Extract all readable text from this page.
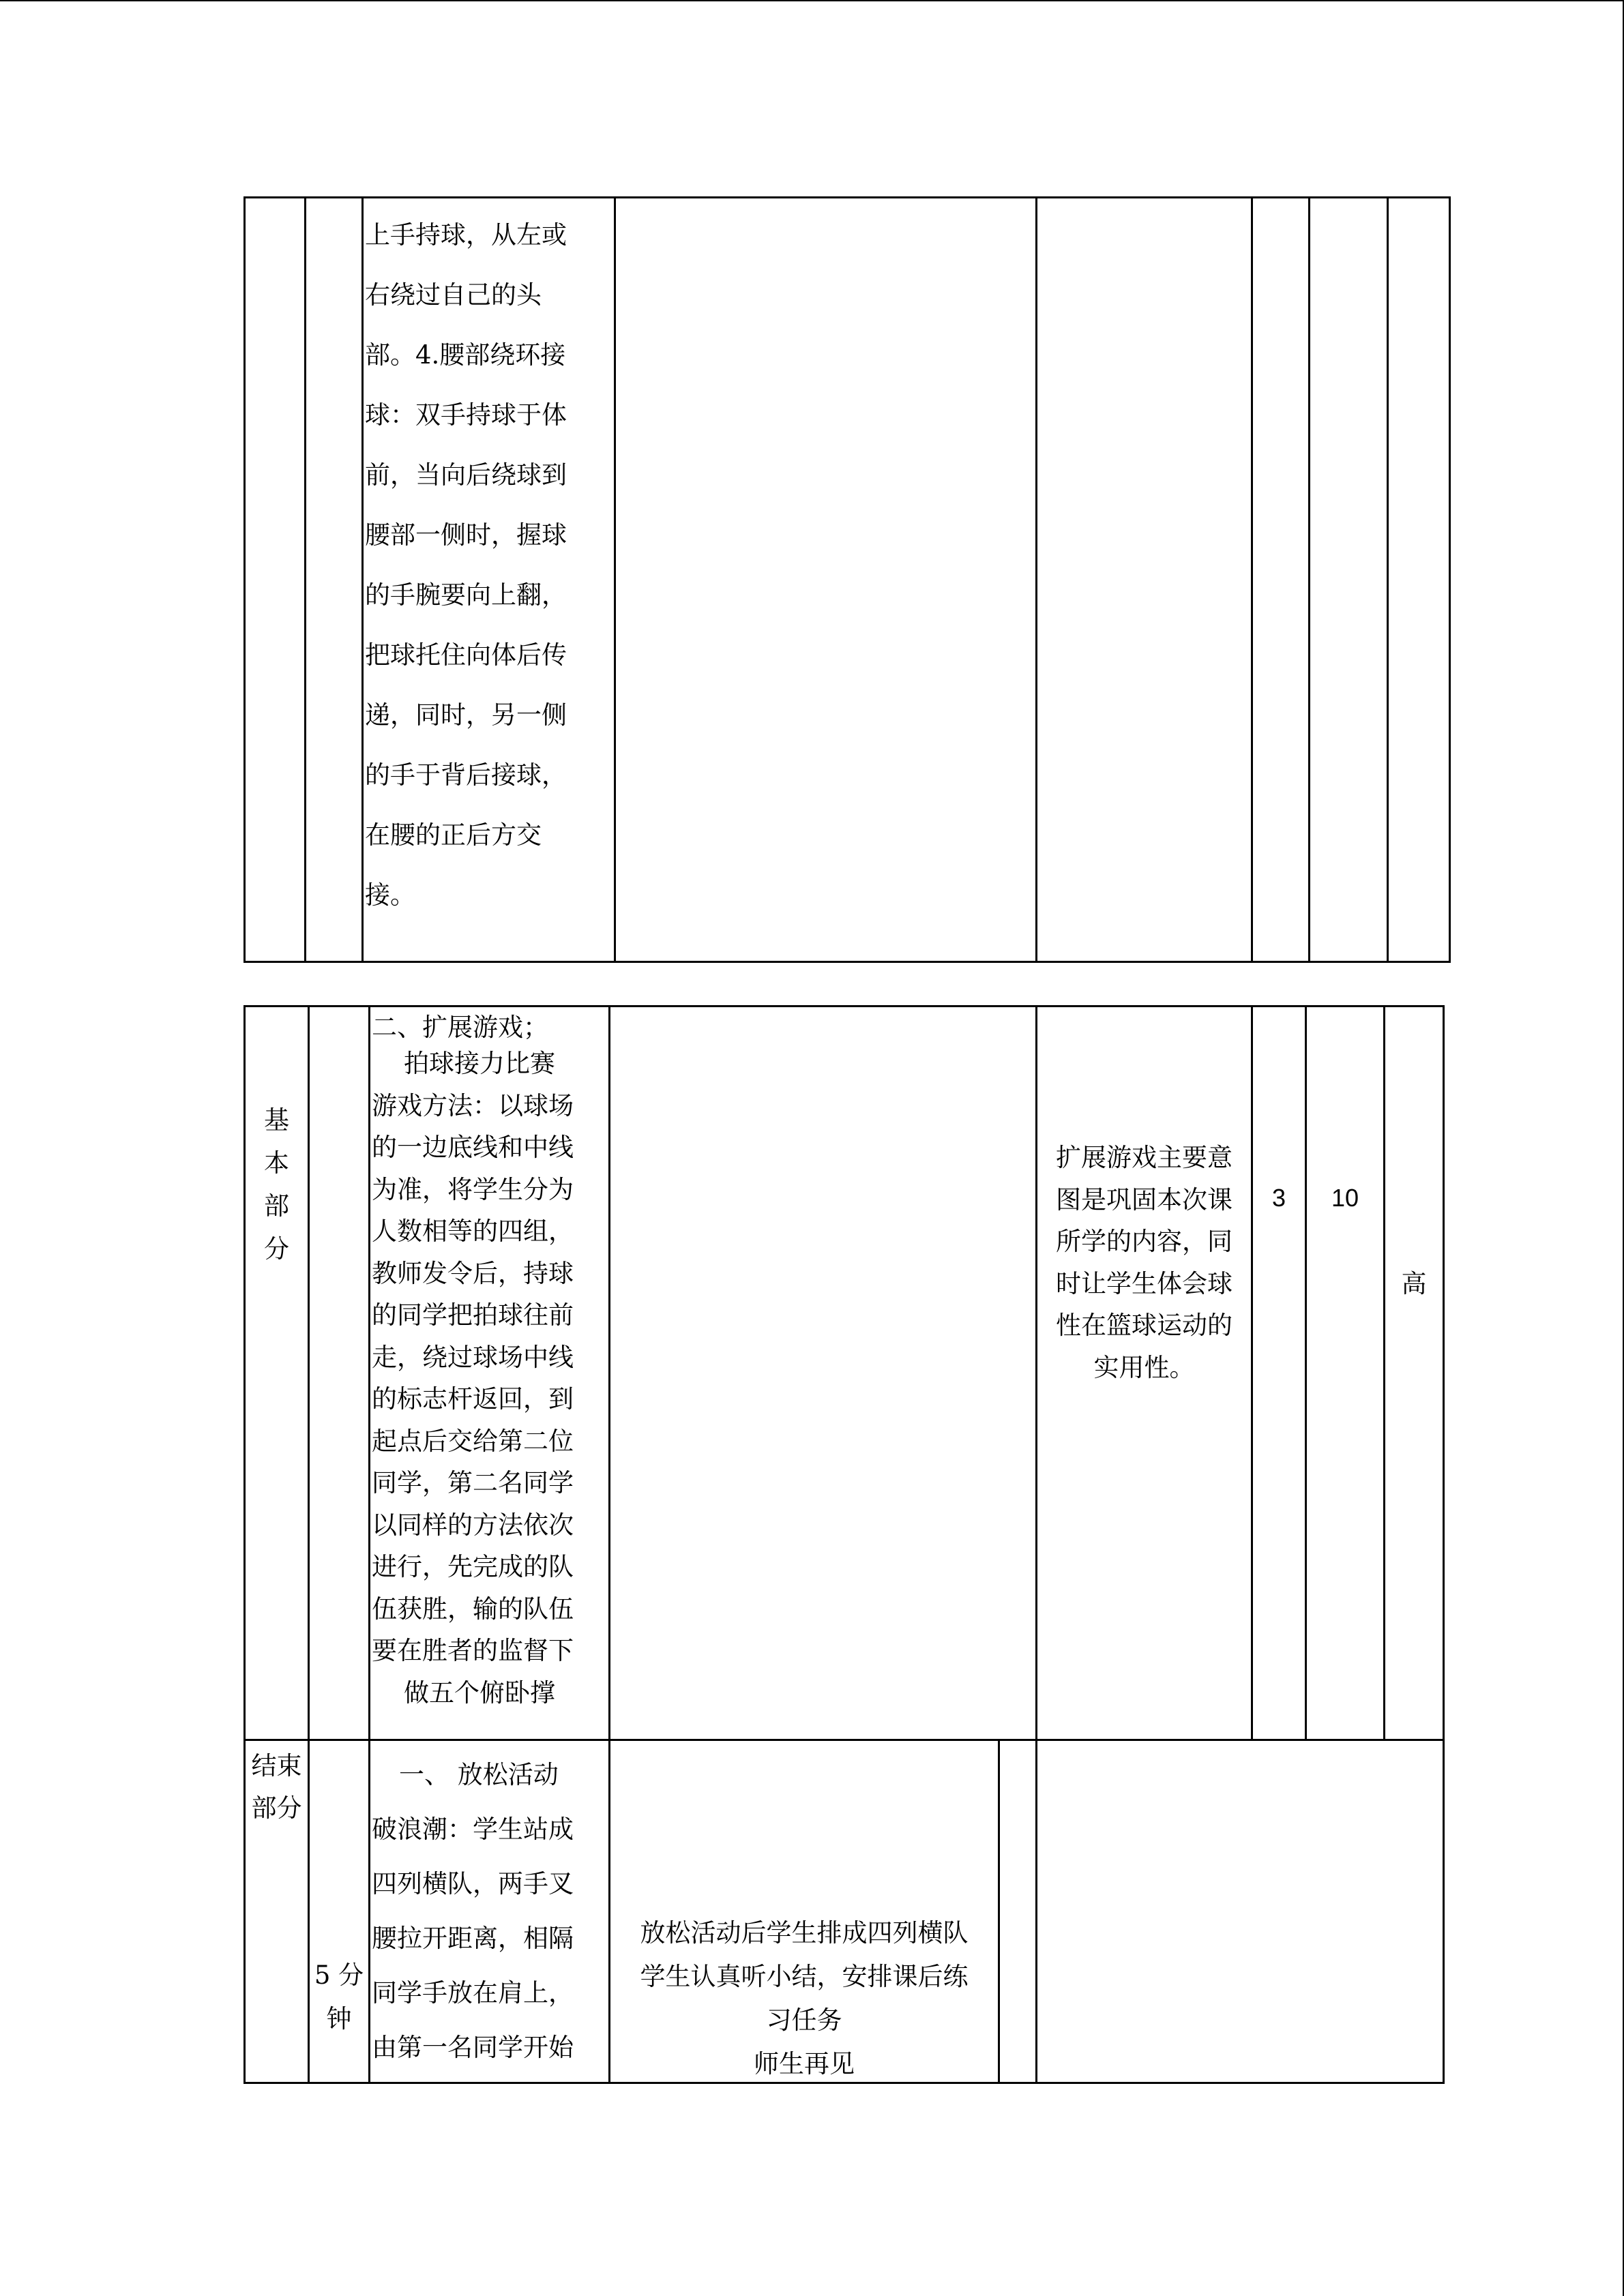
上手持球，从左或
右绕过自己的头
部。4.腰部绕环接
球：双手持球于体
前，当向后绕球到
腰部一侧时，握球
的手腕要向上翻，
把球托住向体后传
递，同时，另一侧
的手于背后接球，
在腰的正后方交
接。
基
本
部
分
二、扩展游戏；
拍球接力比赛
游戏方法：以球场
的一边底线和中线
为准，将学生分为
人数相等的四组，
教师发令后，持球
的同学把拍球往前
走，绕过球场中线
的标志杆返回，到
起点后交给第二位
同学，第二名同学
以同样的方法依次
进行，先完成的队
伍获胜，输的队伍
要在胜者的监督下
做五个俯卧撑
扩展游戏主要意
图是巩固本次课
所学的内容，同
时让学生体会球
性在篮球运动的
实用性。
3	10
高
结束
部分
5 分
钟
一、 放松活动
破浪潮：学生站成
四列横队，两手叉
腰拉开距离，相隔
同学手放在肩上，
由第一名同学开始
放松活动后学生排成四列横队
学生认真听小结，安排课后练
习任务
师生再见
